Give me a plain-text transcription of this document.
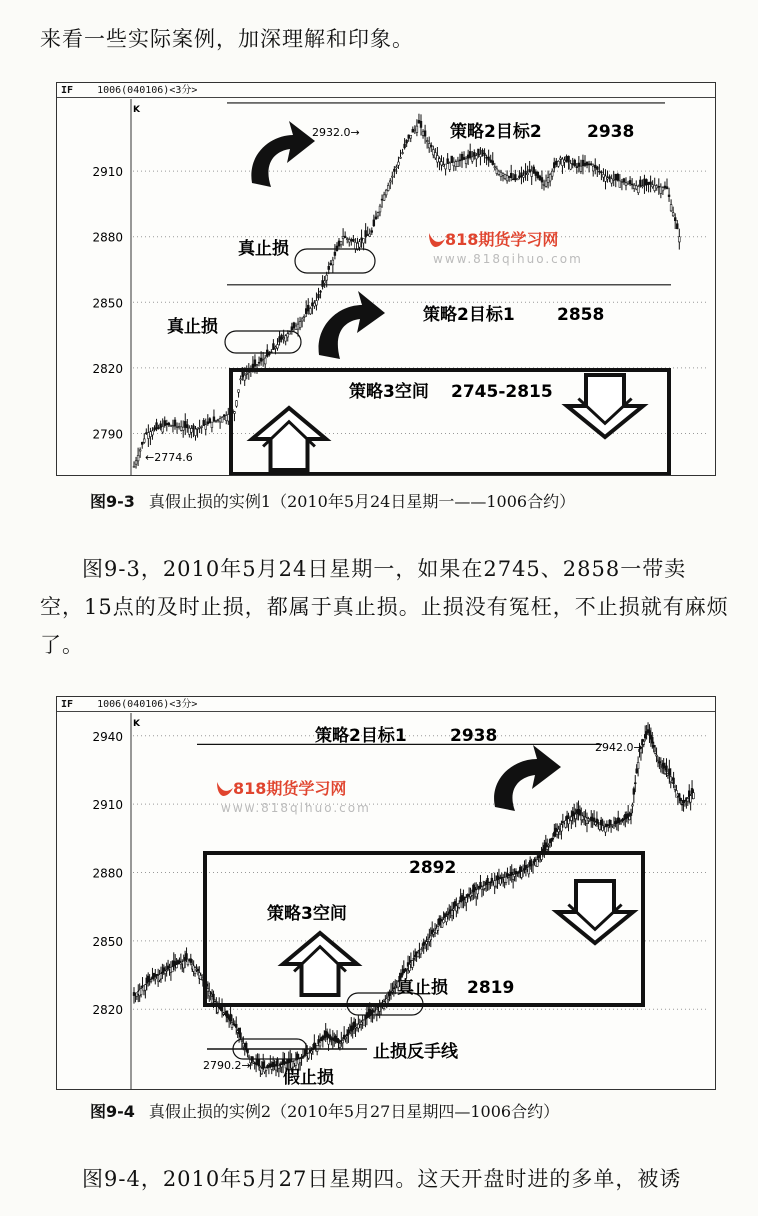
来看一些实际案例，加深理解和印象。

IF 1006(040106)<3分>
K
2910
2880
2850
2820
2790
策略2目标2	2938
策略2目标1 2858
2932.0→
←2774.6
策略3空间 2745-2815
真止损
真止损
818期货学习网
www.818qihuo.com
图9-3 真假止损的实例1（2010年5月24日星期一——1006合约）

图9-3，2010年5月24日星期一，如果在2745、2858一带卖空，15点的及时止损，都属于真止损。止损没有冤枉，不止损就有麻烦了。

IF 1006(040106)<3分>
K
2940
2910
2880
2850
2820
策略2目标1	2938
2942.0→
2790.2→
2892
策略3空间
真止损 2819
止损反手线
假止损
818期货学习网
www.818qihuo.com
图9-4 真假止损的实例2（2010年5月27日星期四—1006合约）

图9-4，2010年5月27日星期四。这天开盘时进的多单，被诱
